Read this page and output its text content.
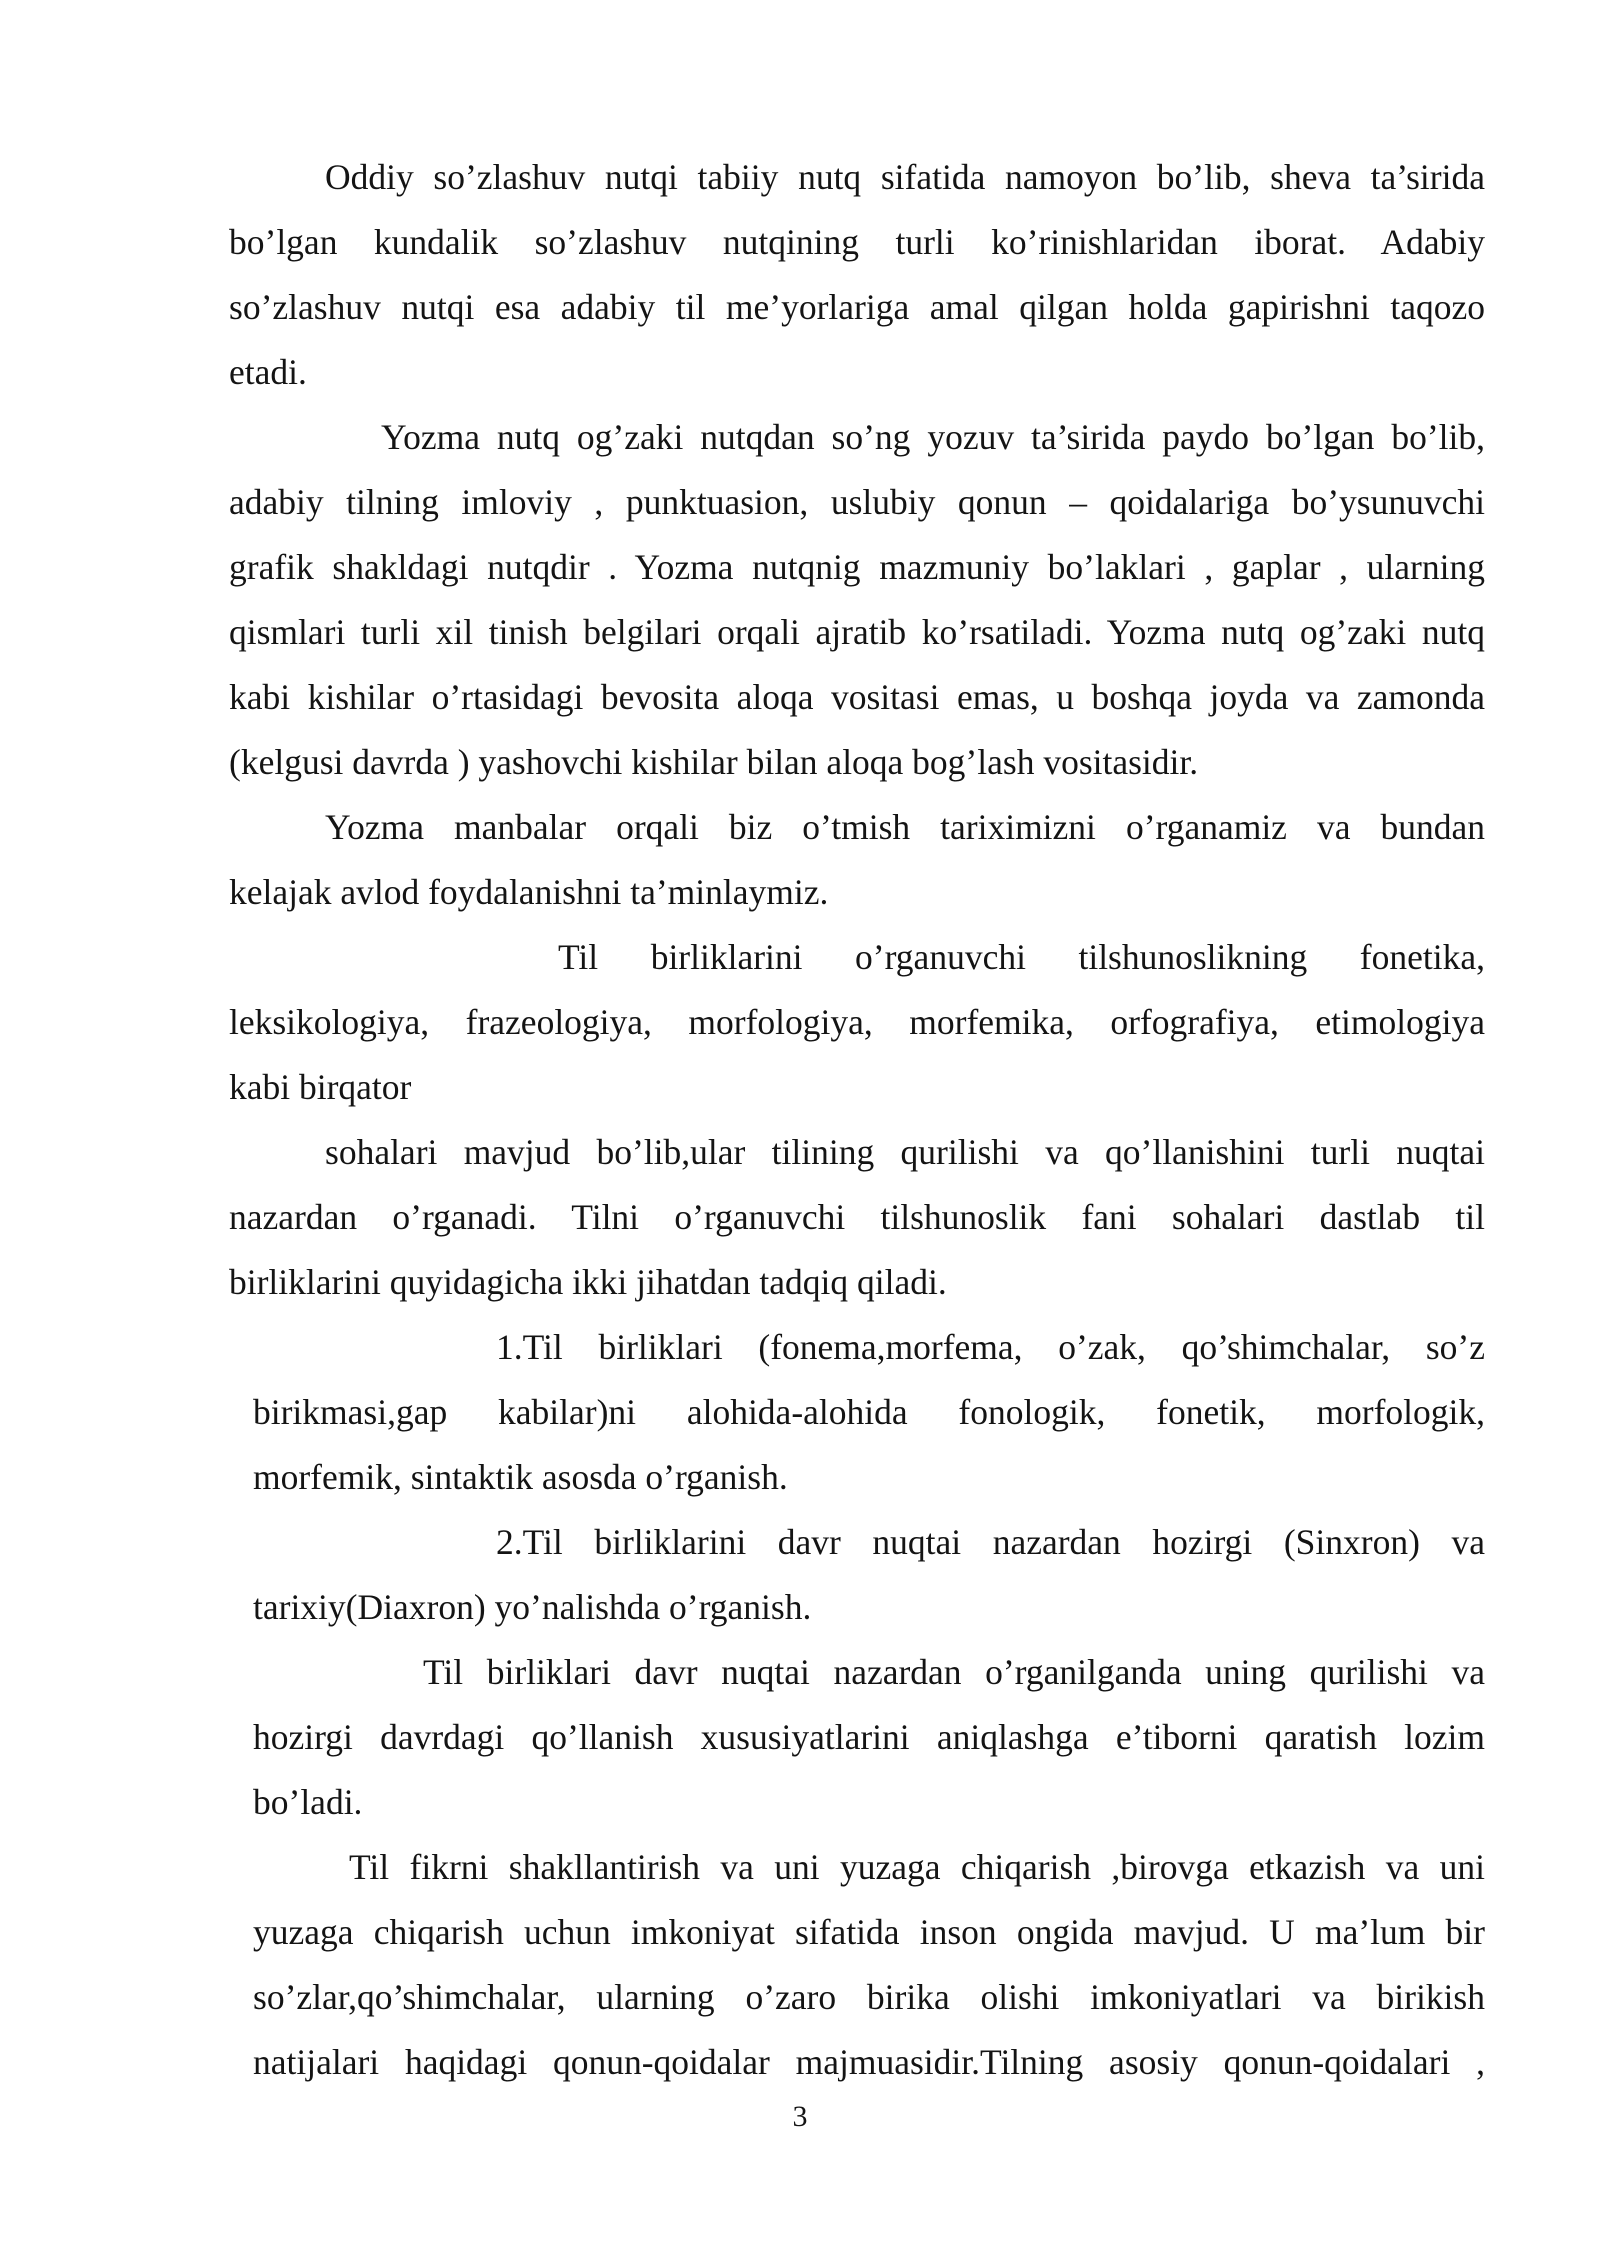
Oddiy so’zlashuv nutqi tabiiy nutq sifatida namoyon bo’lib, sheva ta’sirida
bo’lgan kundalik so’zlashuv nutqining turli ko’rinishlaridan iborat. Adabiy
so’zlashuv nutqi esa adabiy til me’yorlariga amal qilgan holda gapirishni taqozo
etadi.
Yozma nutq og’zaki nutqdan so’ng yozuv ta’sirida paydo bo’lgan bo’lib,
adabiy tilning imloviy , punktuasion, uslubiy qonun – qoidalariga bo’ysunuvchi
grafik shakldagi nutqdir . Yozma nutqnig mazmuniy bo’laklari , gaplar , ularning
qismlari turli xil tinish belgilari orqali ajratib ko’rsatiladi. Yozma nutq og’zaki nutq
kabi kishilar o’rtasidagi bevosita aloqa vositasi emas, u boshqa joyda va zamonda
(kelgusi davrda ) yashovchi kishilar bilan aloqa bog’lash vositasidir.
Yozma manbalar orqali biz o’tmish tariximizni o’rganamiz va bundan
kelajak avlod foydalanishni ta’minlaymiz.
Til birliklarini o’rganuvchi tilshunoslikning fonetika,
leksikologiya, frazeologiya, morfologiya, morfemika, orfografiya, etimologiya
kabi birqator
sohalari mavjud bo’lib,ular tilining qurilishi va qo’llanishini turli nuqtai
nazardan o’rganadi. Tilni o’rganuvchi tilshunoslik fani sohalari dastlab til
birliklarini quyidagicha ikki jihatdan tadqiq qiladi.
1.Til birliklari (fonema,morfema, o’zak, qo’shimchalar, so’z
birikmasi,gap kabilar)ni alohida-alohida fonologik, fonetik, morfologik,
morfemik, sintaktik asosda o’rganish.
2.Til birliklarini davr nuqtai nazardan hozirgi (Sinxron) va
tarixiy(Diaxron) yo’nalishda o’rganish.
Til birliklari davr nuqtai nazardan o’rganilganda uning qurilishi va
hozirgi davrdagi qo’llanish xususiyatlarini aniqlashga e’tiborni qaratish lozim
bo’ladi.
Til fikrni shakllantirish va uni yuzaga chiqarish ,birovga etkazish va uni
yuzaga chiqarish uchun imkoniyat sifatida inson ongida mavjud. U ma’lum bir
so’zlar,qo’shimchalar, ularning o’zaro birika olishi imkoniyatlari va birikish
natijalari haqidagi qonun-qoidalar majmuasidir.Tilning asosiy qonun-qoidalari ,
3
